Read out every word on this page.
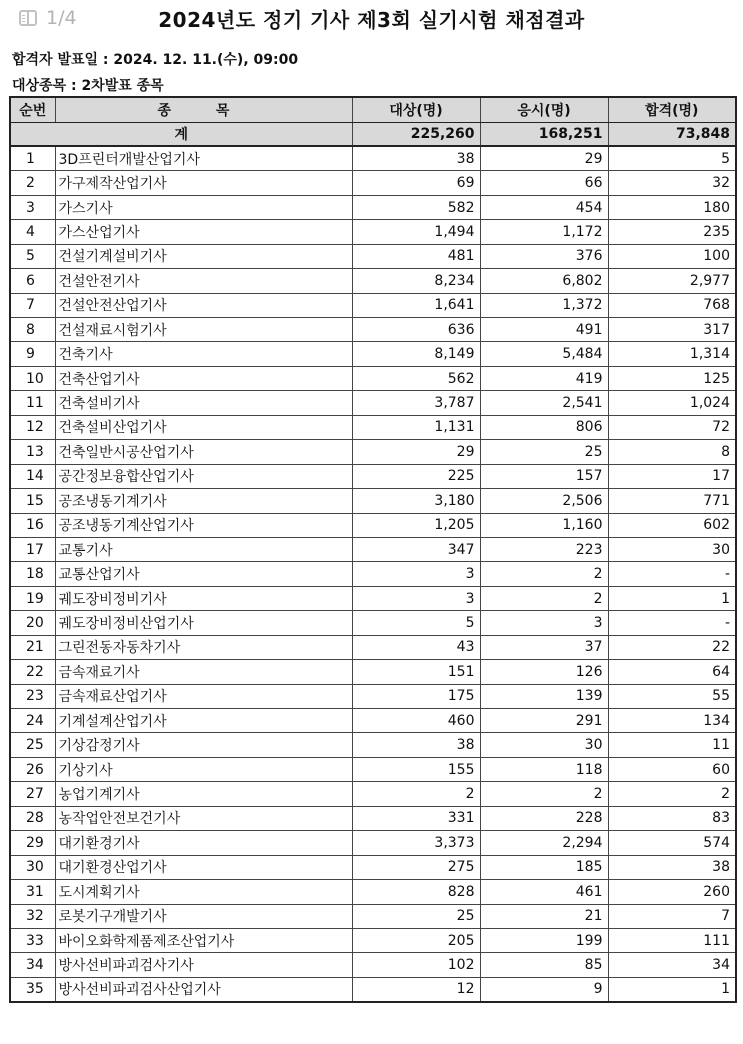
1/4	2024년도 정기 기사 제3회 실기시험 채점결과
합격자 발표일 : 2024. 12. 11.(수), 09:00
대상종목 : 2차발표 종목
순번	종 목	대상(명)	응시(명)	합격(명)
계		225,260	168,251	73,848
1	3D프린터개발산업기사	38	29	5
2	가구제작산업기사	69	66	32
3	가스기사	582	454	180
4	가스산업기사	1,494	1,172	235
5	건설기계설비기사	481	376	100
6	건설안전기사	8,234	6,802	2,977
7	건설안전산업기사	1,641	1,372	768
8	건설재료시험기사	636	491	317
9	건축기사	8,149	5,484	1,314
10	건축산업기사	562	419	125
11	건축설비기사	3,787	2,541	1,024
12	건축설비산업기사	1,131	806	72
13	건축일반시공산업기사	29	25	8
14	공간정보융합산업기사	225	157	17
15	공조냉동기계기사	3,180	2,506	771
16	공조냉동기계산업기사	1,205	1,160	602
17	교통기사	347	223	30
18	교통산업기사	3	2	-
19	궤도장비정비기사	3	2	1
20	궤도장비정비산업기사	5	3	-
21	그린전동자동차기사	43	37	22
22	금속재료기사	151	126	64
23	금속재료산업기사	175	139	55
24	기계설계산업기사	460	291	134
25	기상감정기사	38	30	11
26	기상기사	155	118	60
27	농업기계기사	2	2	2
28	농작업안전보건기사	331	228	83
29	대기환경기사	3,373	2,294	574
30	대기환경산업기사	275	185	38
31	도시계획기사	828	461	260
32	로봇기구개발기사	25	21	7
33	바이오화학제품제조산업기사	205	199	111
34	방사선비파괴검사기사	102	85	34
35	방사선비파괴검사산업기사	12	9	1
